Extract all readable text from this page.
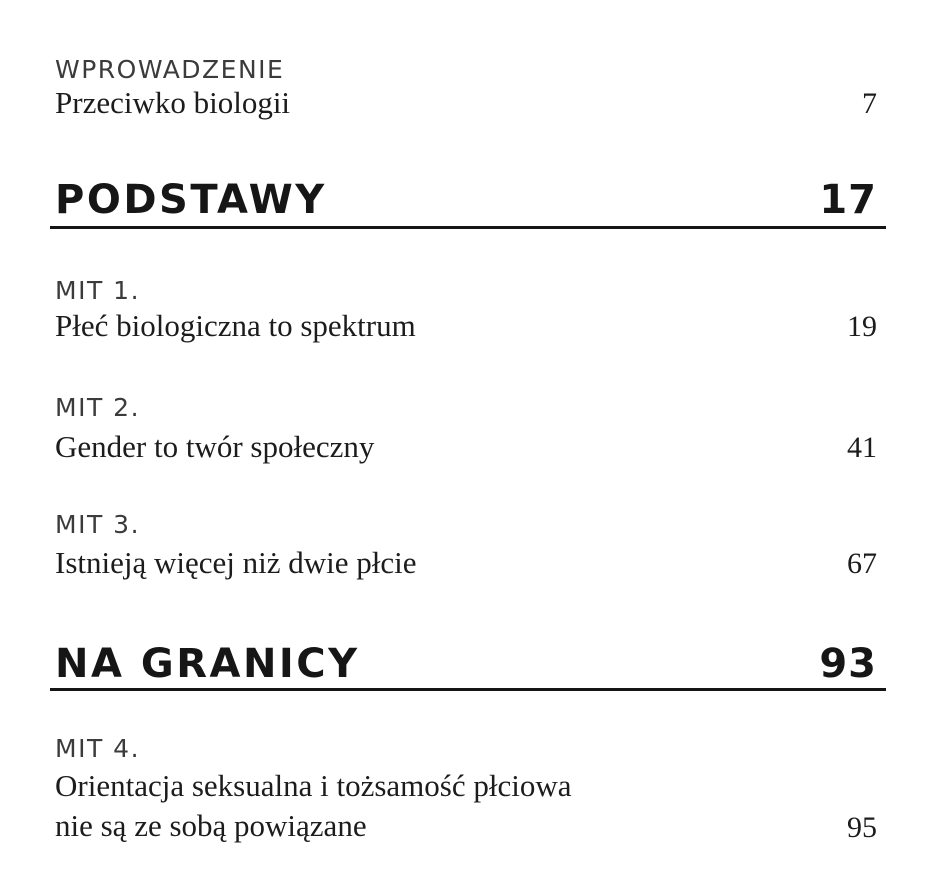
WPROWADZENIE
Przeciwko biologii	7
PODSTAWY	17
MIT 1.
Płeć biologiczna to spektrum	19
MIT 2.
Gender to twór społeczny	41
MIT 3.
Istnieją więcej niż dwie płcie	67
NA GRANICY	93
MIT 4.
Orientacja seksualna i tożsamość płciowa
nie są ze sobą powiązane	95
